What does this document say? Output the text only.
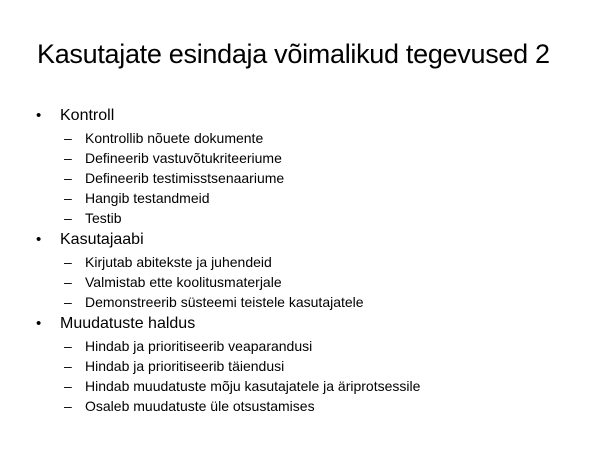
Kasutajate esindaja võimalikud tegevused 2
•	Kontroll
– Kontrollib nõuete dokumente
– Defineerib vastuvõtukriteeriume
– Defineerib testimisstsenaariume
– Hangib testandmeid
– Testib
•	Kasutajaabi
– Kirjutab abitekste ja juhendeid
– Valmistab ette koolitusmaterjale
– Demonstreerib süsteemi teistele kasutajatele
•	Muudatuste haldus
– Hindab ja prioritiseerib veaparandusi
– Hindab ja prioritiseerib täiendusi
– Hindab muudatuste mõju kasutajatele ja äriprotsessile
– Osaleb muudatuste üle otsustamises
